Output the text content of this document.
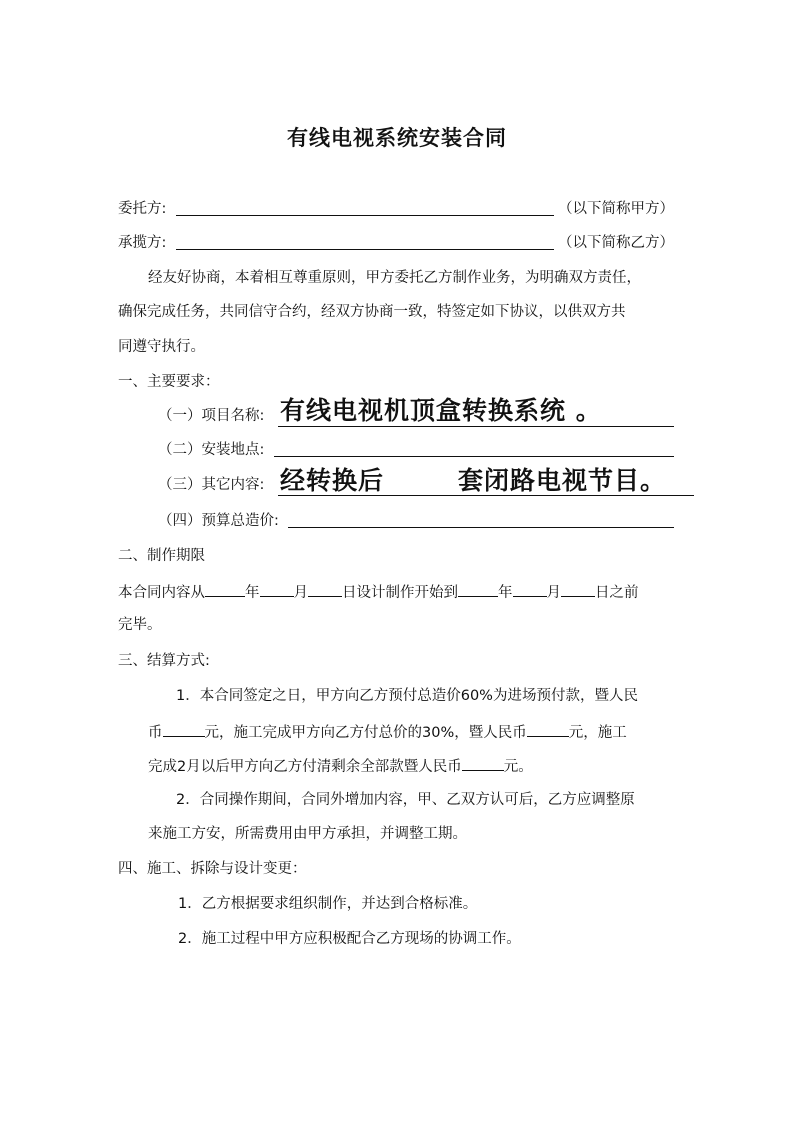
有线电视系统安装合同
委托方:	（以下简称甲方）
承揽方:	（以下简称乙方）
经友好协商，本着相互尊重原则，甲方委托乙方制作业务，为明确双方责任，
确保完成任务，共同信守合约，经双方协商一致，特签定如下协议，以供双方共
同遵守执行。
一、主要要求：
（一）项目名称: 有线电视机顶盒转换系统 。
（二）安装地点:
（三）其它内容: 经转换后	套闭路电视节目。
（四）预算总造价:
二、制作期限
本合同内容从	年 月 日设计制作开始到	年 月 日之前
完毕。
三、结算方式:
1．本合同签定之日，甲方向乙方预付总造价60%为进场预付款，暨人民
币	元，施工完成甲方向乙方付总价的30%，暨人民币	元，施工
完成2月以后甲方向乙方付清剩余全部款暨人民币	元。
2．合同操作期间，合同外增加内容，甲、乙双方认可后，乙方应调整原
来施工方安，所需费用由甲方承担，并调整工期。
四、施工、拆除与设计变更：
1．乙方根据要求组织制作，并达到合格标准。
2．施工过程中甲方应积极配合乙方现场的协调工作。
